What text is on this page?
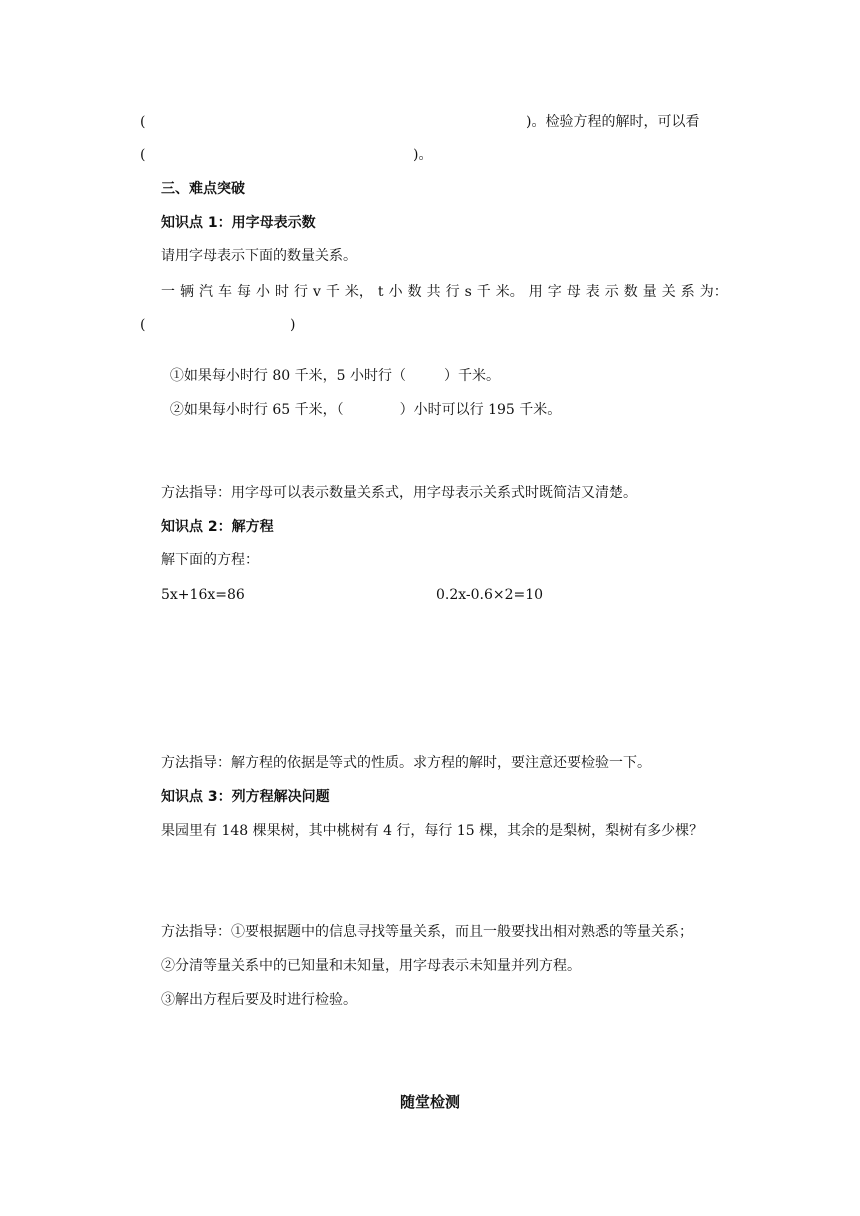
(	)。检验方程的解时，可以看
(	)。
三、难点突破
知识点 1：用字母表示数
请用字母表示下面的数量关系。
一 辆 汽 车 每 小 时 行 v 千 米， t 小 数 共 行 s 千 米。 用 字 母 表 示 数 量 关 系 为：
(	)

①如果每小时行 80 千米，5 小时行（	）千米。

②如果每小时行 65 千米，（	）小时可以行 195 千米。

方法指导：用字母可以表示数量关系式，用字母表示关系式时既简洁又清楚。
知识点 2：解方程
解下面的方程：
5x+16x=86	0.2x-0.6×2=10
方法指导：解方程的依据是等式的性质。求方程的解时，要注意还要检验一下。
知识点 3：列方程解决问题
果园里有 148 棵果树，其中桃树有 4 行，每行 15 棵，其余的是梨树，梨树有多少棵？
方法指导：①要根据题中的信息寻找等量关系，而且一般要找出相对熟悉的等量关系；
②分清等量关系中的已知量和未知量，用字母表示未知量并列方程。
③解出方程后要及时进行检验。
随堂检测
